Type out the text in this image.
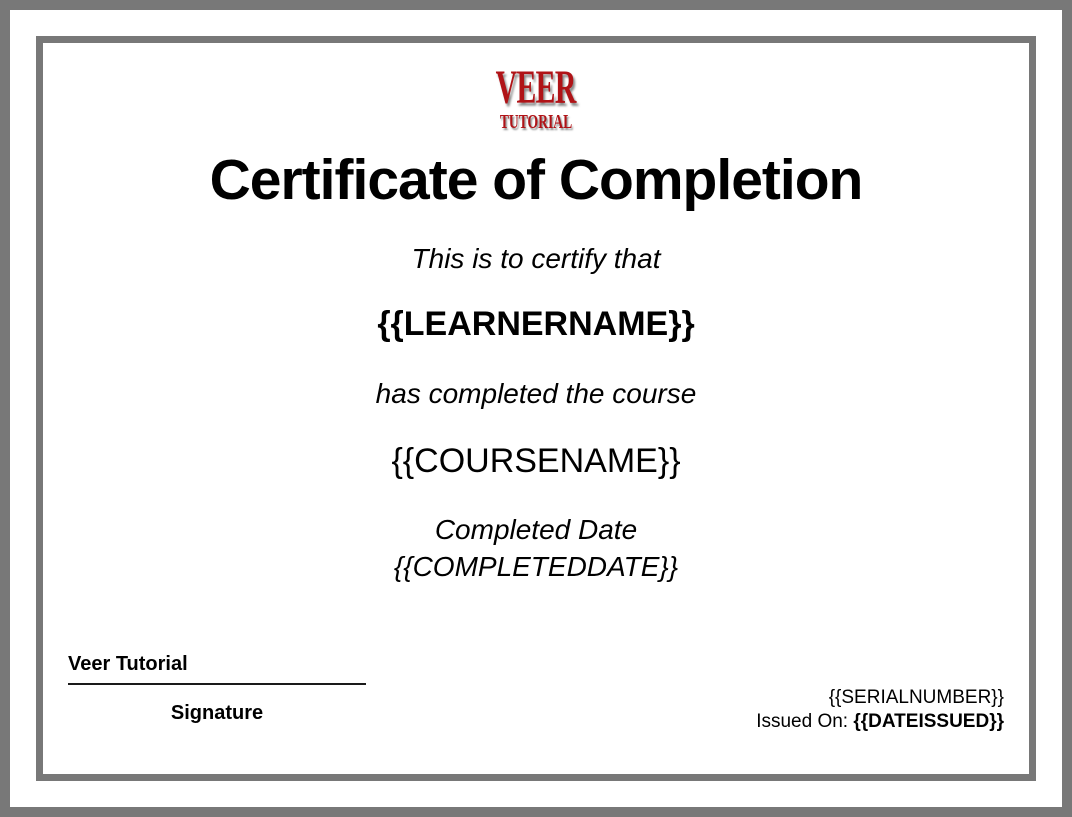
VEER
TUTORIAL
Certificate of Completion
This is to certify that
{{LEARNERNAME}}
has completed the course
{{COURSENAME}}
Completed Date
{{COMPLETEDDATE}}
Veer Tutorial
Signature
{{SERIALNUMBER}}
Issued On: {{DATEISSUED}}
